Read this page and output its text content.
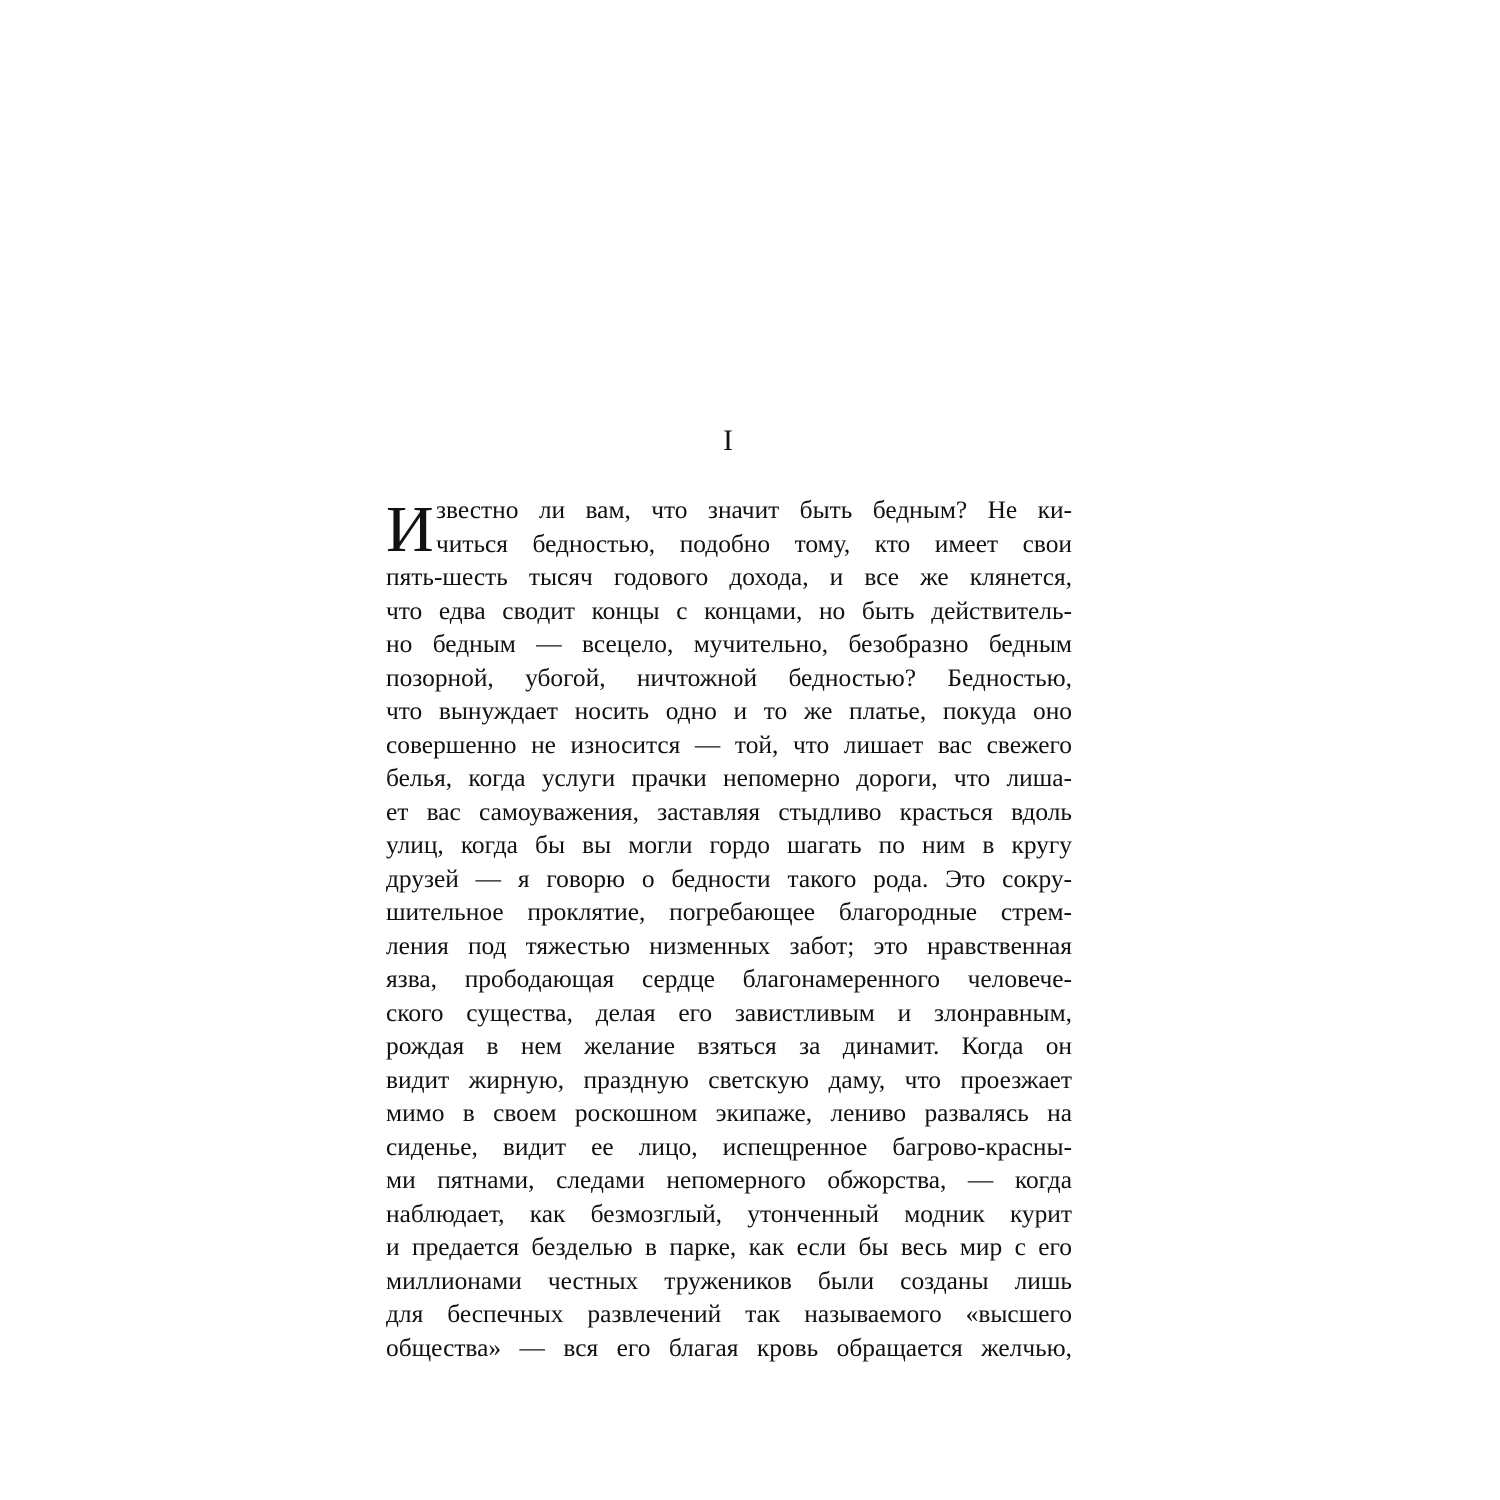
I
И звестно ли вам, что значит быть бедным? Не ки-
читься бедностью, подобно тому, кто имеет свои
пять-шесть тысяч годового дохода, и все же клянется,
что едва сводит концы с концами, но быть действитель-
но бедным — всецело, мучительно, безобразно бедным
позорной, убогой, ничтожной бедностью? Бедностью,
что вынуждает носить одно и то же платье, покуда оно
совершенно не износится — той, что лишает вас свежего
белья, когда услуги прачки непомерно дороги, что лиша-
ет вас самоуважения, заставляя стыдливо красться вдоль
улиц, когда бы вы могли гордо шагать по ним в кругу
друзей — я говорю о бедности такого рода. Это сокру-
шительное проклятие, погребающее благородные стрем-
ления под тяжестью низменных забот; это нравственная
язва, прободающая сердце благонамеренного человече-
ского существа, делая его завистливым и злонравным,
рождая в нем желание взяться за динамит. Когда он
видит жирную, праздную светскую даму, что проезжает
мимо в своем роскошном экипаже, лениво развалясь на
сиденье, видит ее лицо, испещренное багрово-красны-
ми пятнами, следами непомерного обжорства, — когда
наблюдает, как безмозглый, утонченный модник курит
и предается безделью в парке, как если бы весь мир с его
миллионами честных тружеников были созданы лишь
для беспечных развлечений так называемого «высшего
общества» — вся его благая кровь обращается желчью,
